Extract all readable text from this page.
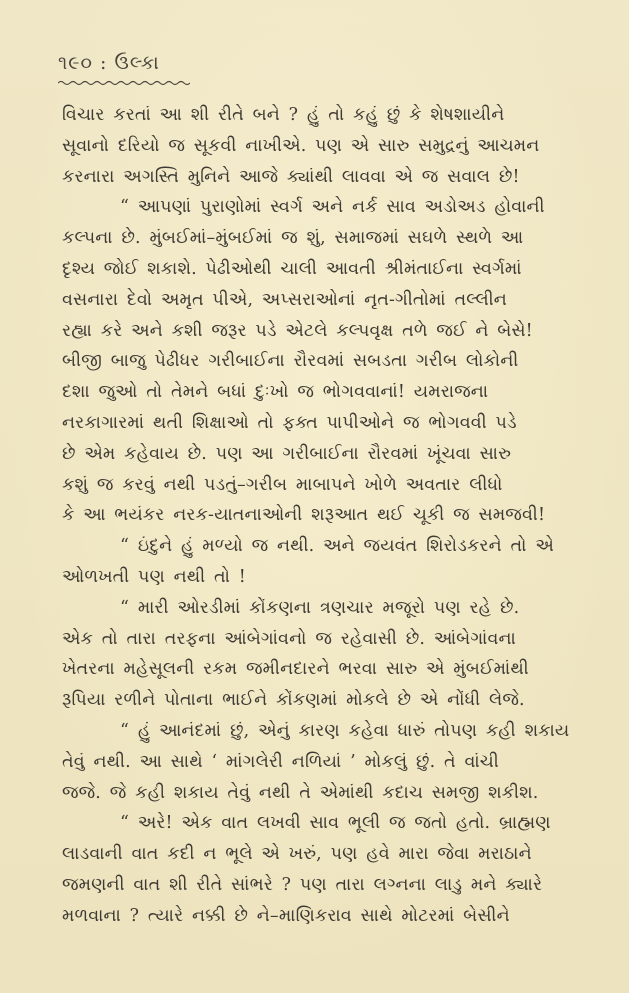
૧૯૦ : ઉલ્કા

વિચાર કરતાં આ શી રીતે બને ? હું તો કહું છું કે શેષશાયીને
સૂવાનો દરિયો જ સૂકવી નાખીએ. પણ એ સારુ સમુદ્રનું આચમન
કરનારા અગસ્તિ મુનિને આજે ક્યાંથી લાવવા એ જ સવાલ છે!

“ આપણાં પુરાણોમાં સ્વર્ગ અને નર્ક સાવ અડોઅડ હોવાની
કલ્પના છે. મુંબઈમાં–મુંબઈમાં જ શું, સમાજમાં સઘળે સ્થળે આ
દૃશ્ય જોઈ શકાશે. પેઢીઓથી ચાલી આવતી શ્રીમંતાઈના સ્વર્ગમાં
વસનારા દેવો અમૃત પીએ, અપ્સરાઓનાં નૃત-ગીતોમાં તલ્લીન
રહ્યા કરે અને કશી જરૂર પડે એટલે કલ્પવૃક્ષ તળે જઈ ને બેસે!
બીજી બાજુ પેઢીધર ગરીબાઈના રૌરવમાં સબડતા ગરીબ લોકોની
દશા જુઓ તો તેમને બધાં દુઃખો જ ભોગવવાનાં! યમરાજના
નરકાગારમાં થતી શિક્ષાઓ તો ફક્ત પાપીઓને જ ભોગવવી પડે
છે એમ કહેવાય છે. પણ આ ગરીબાઈના રૌરવમાં ખૂંચવા સારુ
કશું જ કરવું નથી પડતું–ગરીબ માબાપને ખોળે અવતાર લીધો
કે આ ભયંકર નરક-યાતનાઓની શરૂઆત થઈ ચૂકી જ સમજવી!

“ ઇંદુને હું મળ્યો જ નથી. અને જયવંત શિરોડકરને તો એ
ઓળખતી પણ નથી તો !

“ મારી ઓરડીમાં કોંકણના ત્રણચાર મજૂરો પણ રહે છે.
એક તો તારા તરફના આંબેગાંવનો જ રહેવાસી છે. આંબેગાંવના
ખેતરના મહેસૂલની રકમ જમીનદારને ભરવા સારુ એ મુંબઈમાંથી
રૂપિયા રળીને પોતાના ભાઈને કોંકણમાં મોકલે છે એ નોંધી લેજે.

“ હું આનંદમાં છું, એનું કારણ કહેવા ધારું તોપણ કહી શકાય
તેવું નથી. આ સાથે ‘ માંગલેરી નળિયાં ’ મોકલું છું. તે વાંચી
જજે. જે કહી શકાય તેવું નથી તે એમાંથી કદાચ સમજી શકીશ.

“ અરે! એક વાત લખવી સાવ ભૂલી જ જતો હતો. બ્રાહ્મણ
લાડવાની વાત કદી ન ભૂલે એ ખરું, પણ હવે મારા જેવા મરાઠાને
જમણની વાત શી રીતે સાંભરે ? પણ તારા લગ્નના લાડુ મને ક્યારે
મળવાના ? ત્યારે નક્કી છે ને–માણિકરાવ સાથે મોટરમાં બેસીને
